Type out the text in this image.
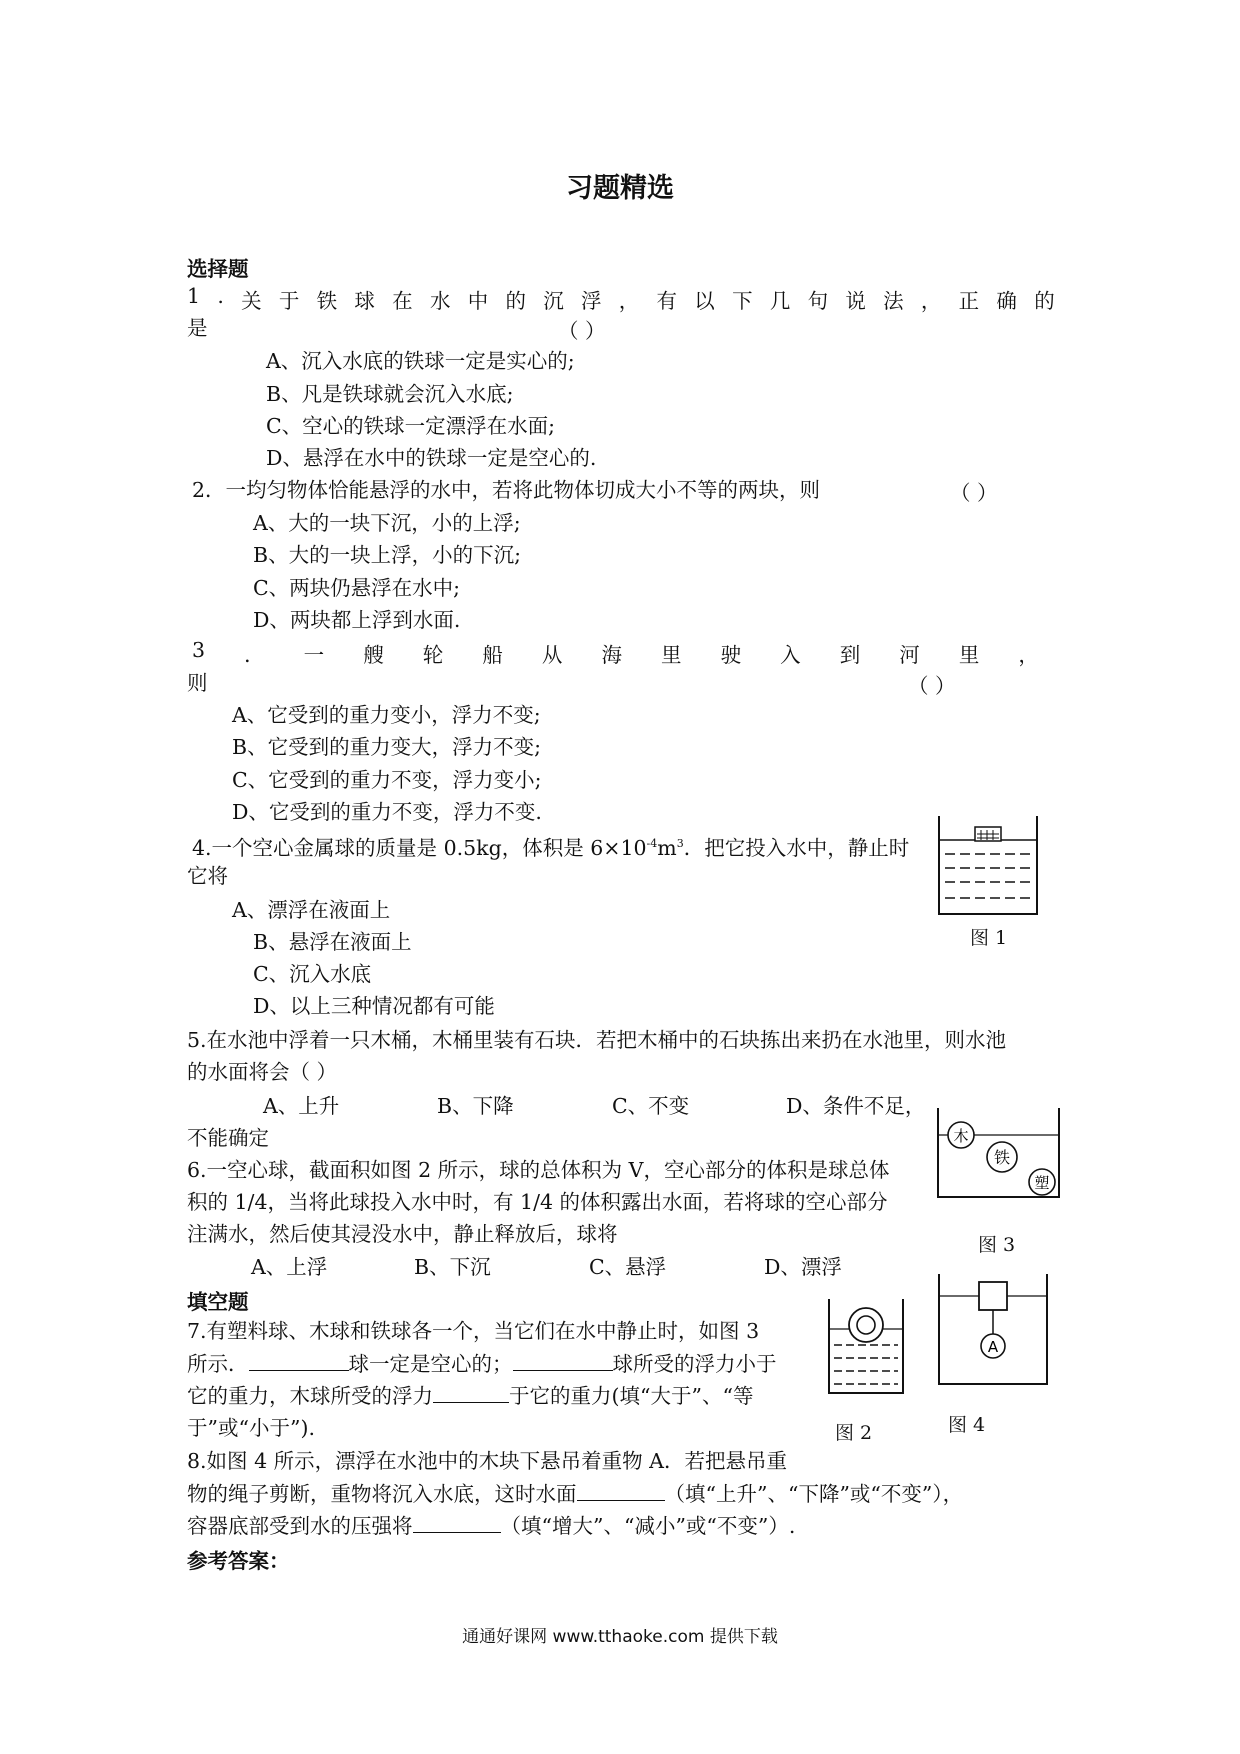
习题精选
选择题
1 . 关 于 铁 球 在 水 中 的 沉 浮 ， 有 以 下 几 句 说 法 ， 正 确 的
是	（ ）
A、沉入水底的铁球一定是实心的;
B、凡是铁球就会沉入水底;
C、空心的铁球一定漂浮在水面;
D、悬浮在水中的铁球一定是空心的.
2．一均匀物体恰能悬浮的水中，若将此物体切成大小不等的两块，则	（ ）
A、大的一块下沉，小的上浮;
B、大的一块上浮，小的下沉;
C、两块仍悬浮在水中;
D、两块都上浮到水面.
3 ． 一 艘 轮 船 从 海 里 驶 入 到 河 里 ，
则	（ ）
A、它受到的重力变小，浮力不变;
B、它受到的重力变大，浮力不变;
C、它受到的重力不变，浮力变小;
D、它受到的重力不变，浮力不变.
4.一个空心金属球的质量是 0.5kg，体积是 $6\times 10^{-4}m^3$．把它投入水中，静止时
它将
A、漂浮在液面上
B、悬浮在液面上
C、沉入水底
D、以上三种情况都有可能
图 1
5.在水池中浮着一只木桶，木桶里装有石块．若把木桶中的石块拣出来扔在水池里，则水池
的水面将会（ ）
A、上升	B、下降	C、不变	D、条件不足，
不能确定	木
铁
塑
图 3
6.一空心球，截面积如图 2 所示，球的总体积为 V，空心部分的体积是球总体
积的 1/4，当将此球投入水中时，有 1/4 的体积露出水面，若将球的空心部分
注满水，然后使其浸没水中，静止释放后，球将
A、上浮	B、下沉	C、悬浮	D、漂浮
填空题
7.有塑料球、木球和铁球各一个，当它们在水中静止时，如图 3
所示．	球一定是空心的；	球所受的浮力小于
它的重力，木球所受的浮力	于它的重力(填“大于”、“等
于”或“小于”).	图 2
A
图 4
8.如图 4 所示，漂浮在水池中的木块下悬吊着重物 A．若把悬吊重
物的绳子剪断，重物将沉入水底，这时水面	（填“上升”、“下降”或“不变”），
容器底部受到水的压强将	（填“增大”、“减小”或“不变”）.
参考答案：
通通好课网 www.tthaoke.com 提供下载
